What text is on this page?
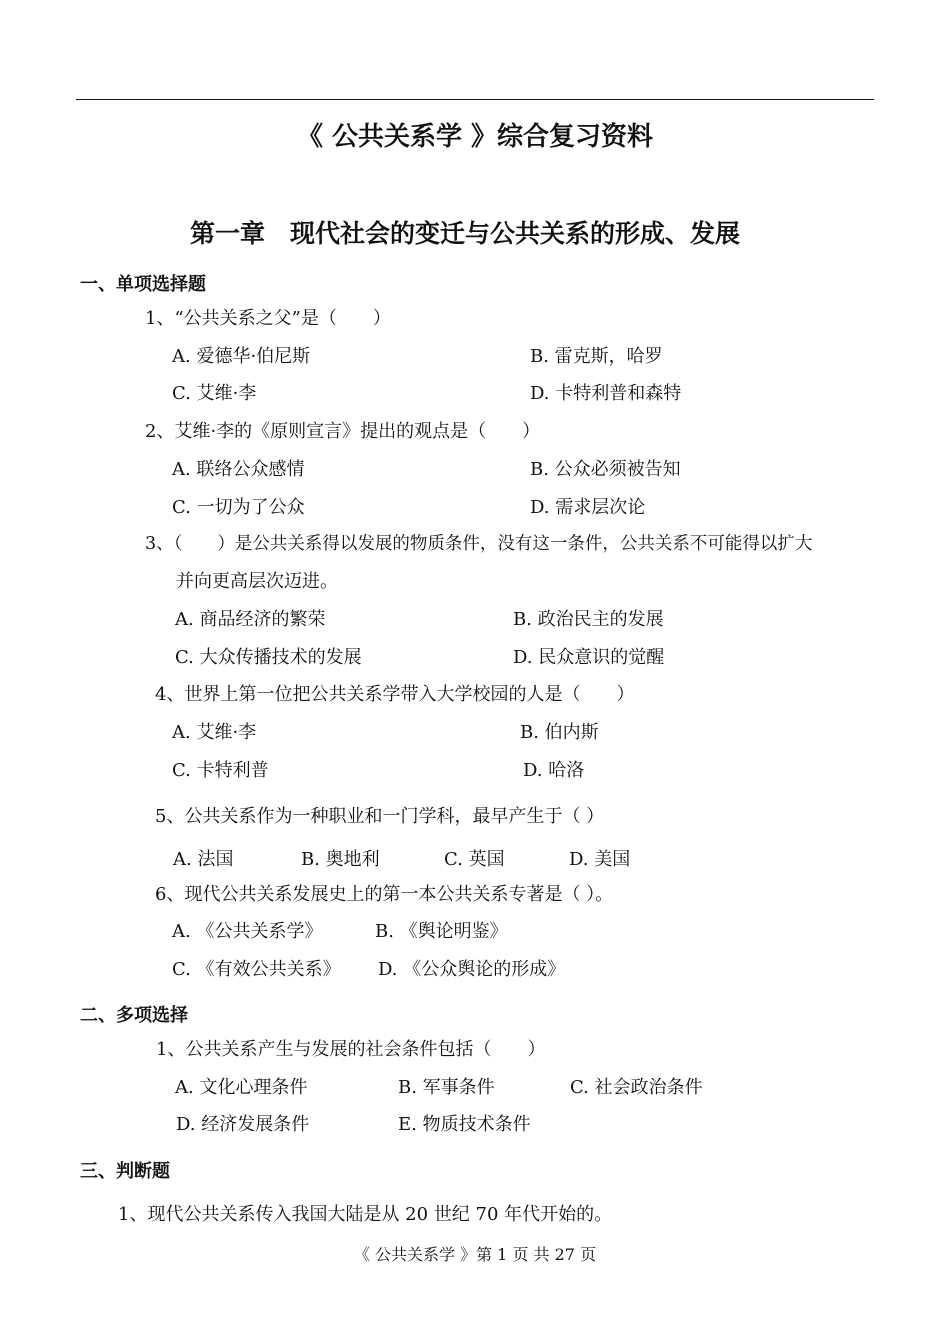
《 公共关系学 》综合复习资料
第一章　现代社会的变迁与公共关系的形成、发展
一、单项选择题
1、“公共关系之父”是（　　）
A. 爱德华·伯尼斯	B. 雷克斯，哈罗
C. 艾维·李	D. 卡特利普和森特
2、艾维·李的《原则宣言》提出的观点是（　　）
A. 联络公众感情	B. 公众必须被告知
C. 一切为了公众	D. 需求层次论
3、（　　）是公共关系得以发展的物质条件，没有这一条件，公共关系不可能得以扩大
并向更高层次迈进。
A. 商品经济的繁荣	B. 政治民主的发展
C. 大众传播技术的发展	D. 民众意识的觉醒
4、世界上第一位把公共关系学带入大学校园的人是（　　）
A. 艾维·李	B. 伯内斯
C. 卡特利普	D. 哈洛
5、公共关系作为一种职业和一门学科，最早产生于（ ）
A. 法国	B. 奥地利	C. 英国	D. 美国
6、现代公共关系发展史上的第一本公共关系专著是（ ）。
A. 《公共关系学》	B. 《舆论明鉴》
C. 《有效公共关系》 D. 《公众舆论的形成》
二、多项选择
1、公共关系产生与发展的社会条件包括（　　）
A. 文化心理条件	B. 军事条件	C. 社会政治条件
D. 经济发展条件	E. 物质技术条件
三、判断题
1、现代公共关系传入我国大陆是从 20 世纪 70 年代开始的。
《 公共关系学 》第 1 页 共 27 页
